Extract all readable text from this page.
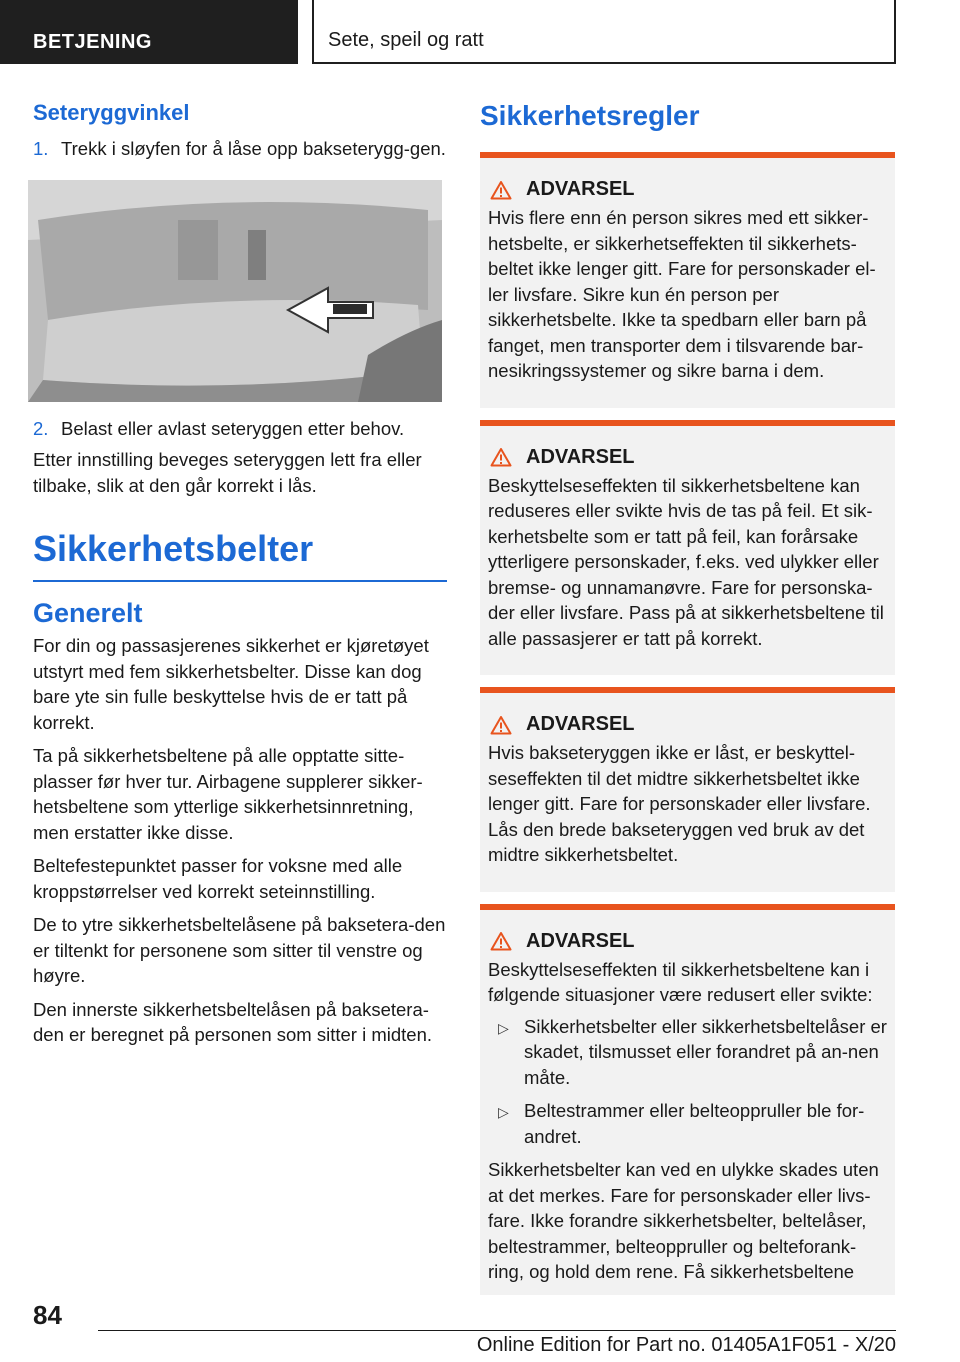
BETJENING	Sete, speil og ratt
Seteryggvinkel
1. Trekk i sløyfen for å låse opp bakseterygg-gen.
2. Belast eller avlast seteryggen etter behov.
Etter innstilling beveges seteryggen lett fra eller tilbake, slik at den går korrekt i lås.
Sikkerhetsbelter
Generelt
For din og passasjerenes sikkerhet er kjøretøyet utstyrt med fem sikkerhetsbelter. Disse kan dog bare yte sin fulle beskyttelse hvis de er tatt på korrekt.
Ta på sikkerhetsbeltene på alle opptatte sitte-plasser før hver tur. Airbagene supplerer sikker-hetsbeltene som ytterlige sikkerhetsinnretning, men erstatter ikke disse.
Beltefestepunktet passer for voksne med alle kroppstørrelser ved korrekt seteinnstilling.
De to ytre sikkerhetsbeltelåsene på baksetera-den er tiltenkt for personene som sitter til venstre og høyre.
Den innerste sikkerhetsbeltelåsen på baksetera-den er beregnet på personen som sitter i midten.
Sikkerhetsregler
ADVARSEL
Hvis flere enn én person sikres med ett sikker-hetsbelte, er sikkerhetseffekten til sikkerhets-beltet ikke lenger gitt. Fare for personskader el-ler livsfare. Sikre kun én person per sikkerhetsbelte. Ikke ta spedbarn eller barn på fanget, men transporter dem i tilsvarende bar-nesikringssystemer og sikre barna i dem.
ADVARSEL
Beskyttelseseffekten til sikkerhetsbeltene kan reduseres eller svikte hvis de tas på feil. Et sik-kerhetsbelte som er tatt på feil, kan forårsake ytterligere personskader, f.eks. ved ulykker eller bremse- og unnamanøvre. Fare for personska-der eller livsfare. Pass på at sikkerhetsbeltene til alle passasjerer er tatt på korrekt.
ADVARSEL
Hvis bakseteryggen ikke er låst, er beskyttel-seseffekten til det midtre sikkerhetsbeltet ikke lenger gitt. Fare for personskader eller livsfare. Lås den brede bakseteryggen ved bruk av det midtre sikkerhetsbeltet.
ADVARSEL
Beskyttelseseffekten til sikkerhetsbeltene kan i følgende situasjoner være redusert eller svikte:
▷ Sikkerhetsbelter eller sikkerhetsbeltelåser er skadet, tilsmusset eller forandret på an-nen måte.
▷ Beltestrammer eller belteoppruller ble for-andret.
Sikkerhetsbelter kan ved en ulykke skades uten at det merkes. Fare for personskader eller livs-fare. Ikke forandre sikkerhetsbelter, beltelåser, beltestrammer, belteoppruller og belteforank-ring, og hold dem rene. Få sikkerhetsbeltene
84
Online Edition for Part no. 01405A1F051 - X/20
